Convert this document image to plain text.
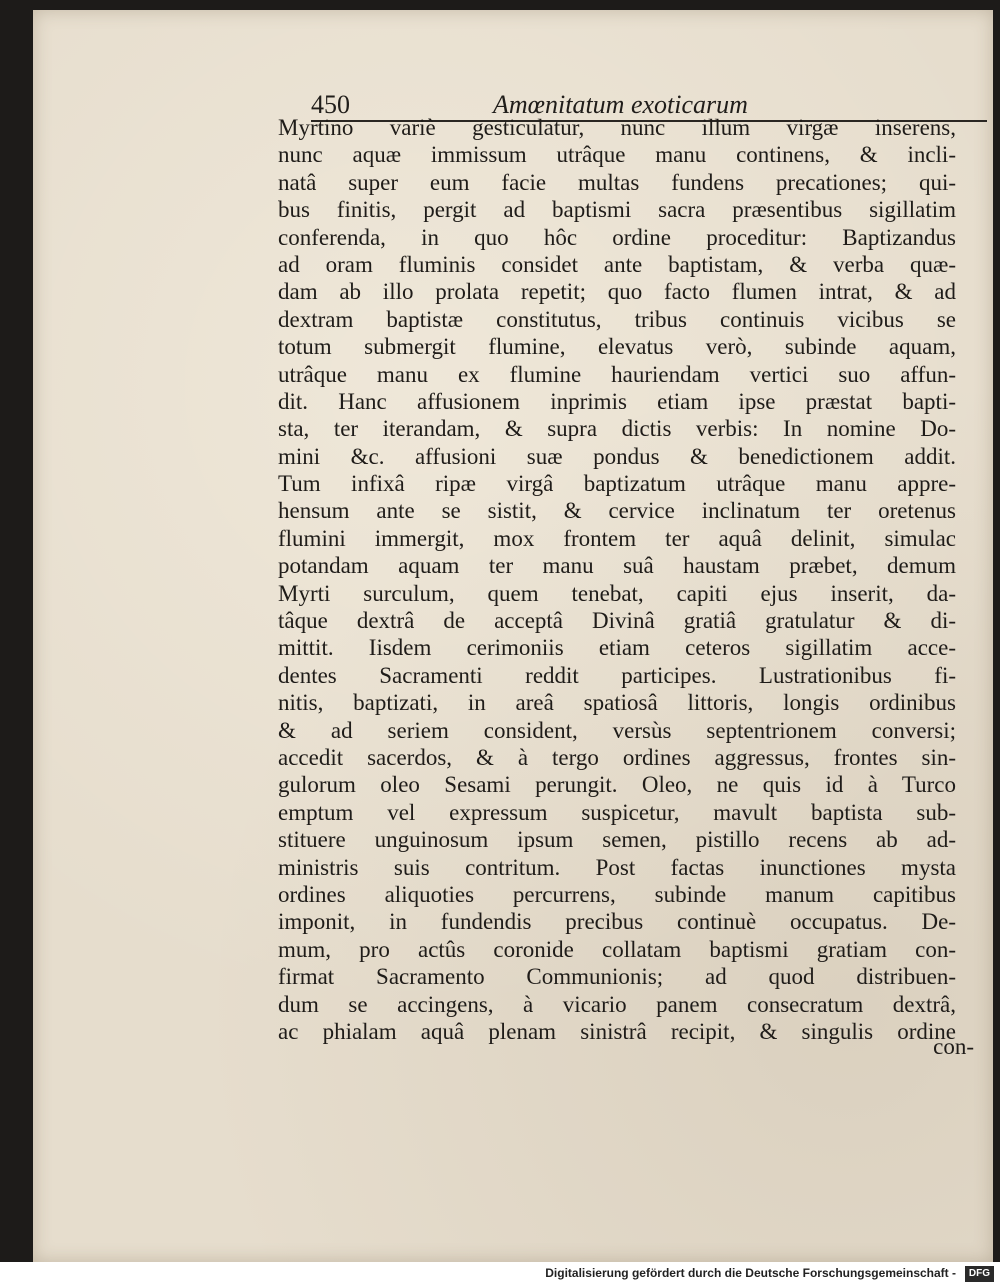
450	Amœnitatum exoticarum
Myrtino variè gesticulatur, nunc illum virgæ inserens,
nunc aquæ immissum utrâque manu continens, & incli-
natâ super eum facie multas fundens precationes; qui-
bus finitis, pergit ad baptismi sacra præsentibus sigillatim
conferenda, in quo hôc ordine proceditur: Baptizandus
ad oram fluminis considet ante baptistam, & verba quæ-
dam ab illo prolata repetit; quo facto flumen intrat, & ad
dextram baptistæ constitutus, tribus continuis vicibus se
totum submergit flumine, elevatus verò, subinde aquam,
utrâque manu ex flumine hauriendam vertici suo affun-
dit. Hanc affusionem inprimis etiam ipse præstat bapti-
sta, ter iterandam, & supra dictis verbis: In nomine Do-
mini &c. affusioni suæ pondus & benedictionem addit.
Tum infixâ ripæ virgâ baptizatum utrâque manu appre-
hensum ante se sistit, & cervice inclinatum ter oretenus
flumini immergit, mox frontem ter aquâ delinit, simulac
potandam aquam ter manu suâ haustam præbet, demum
Myrti surculum, quem tenebat, capiti ejus inserit, da-
tâque dextrâ de acceptâ Divinâ gratiâ gratulatur & di-
mittit. Iisdem cerimoniis etiam ceteros sigillatim acce-
dentes Sacramenti reddit participes. Lustrationibus fi-
nitis, baptizati, in areâ spatiosâ littoris, longis ordinibus
& ad seriem consident, versùs septentrionem conversi;
accedit sacerdos, & à tergo ordines aggressus, frontes sin-
gulorum oleo Sesami perungit. Oleo, ne quis id à Turco
emptum vel expressum suspicetur, mavult baptista sub-
stituere unguinosum ipsum semen, pistillo recens ab ad-
ministris suis contritum. Post factas inunctiones mysta
ordines aliquoties percurrens, subinde manum capitibus
imponit, in fundendis precibus continuè occupatus. De-
mum, pro actûs coronide collatam baptismi gratiam con-
firmat Sacramento Communionis; ad quod distribuen-
dum se accingens, à vicario panem consecratum dextrâ,
ac phialam aquâ plenam sinistrâ recipit, & singulis ordine
con-
Digitalisierung gefördert durch die Deutsche Forschungsgemeinschaft -	DFG
